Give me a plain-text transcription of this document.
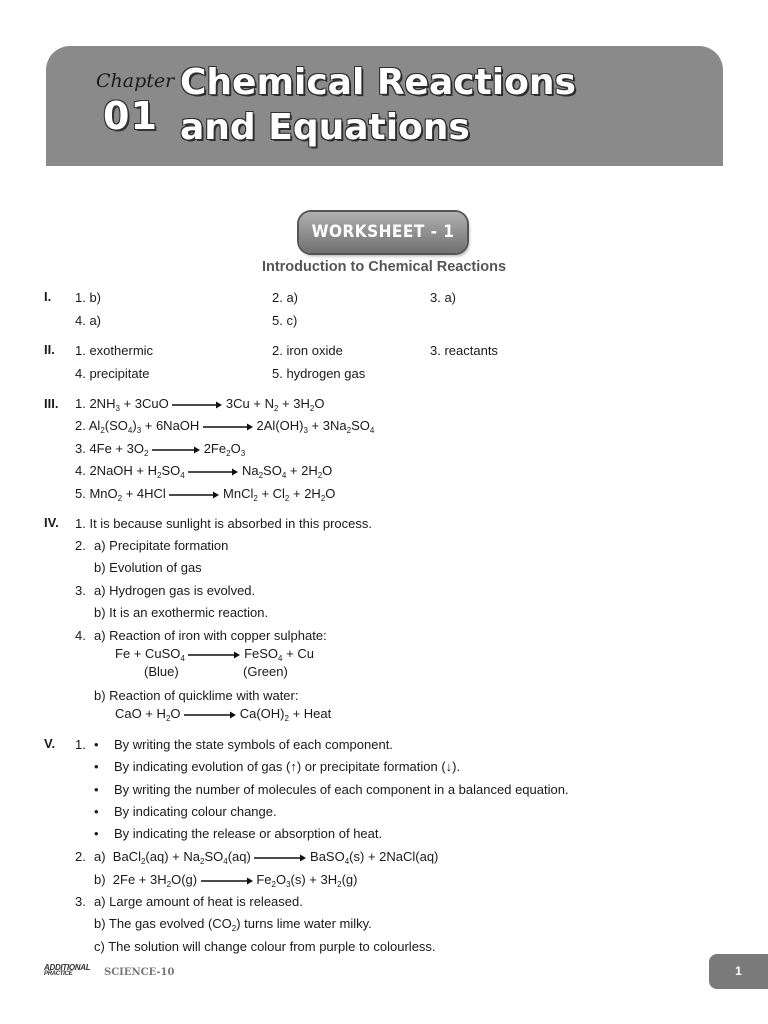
Chapter
01
Chemical Reactions
and Equations
WORKSHEET - 1
Introduction to Chemical Reactions
I. 1. b)	2. a)	3. a)
4. a)	5. c)
II. 1. exothermic	2. iron oxide	3. reactants
4. precipitate	5. hydrogen gas
III. 1. $2NH_3 + 3CuO \to 3Cu + N_2 + 3H_2O$
2. $Al_2(SO_4)_3$ + 6NaOH → $2Al(OH)_3 + 3Na_2SO_4$
3. $4Fe + 3O_2 \to 2Fe_2O_3$
4. 2NaOH + $H_2SO_4 \to Na_2SO_4 + 2H_2O$
5. MnO$_2$ + 4HCl → MnCl$_2$ + $Cl_2 + 2H_2O$
IV. 1. It is because sunlight is absorbed in this process.
2. a) Precipitate formation
b) Evolution of gas
3. a) Hydrogen gas is evolved.
b) It is an exothermic reaction.
4. a) Reaction of iron with copper sulphate:
Fe + CuSO$_4$ → FeSO$_4$ + Cu
(Blue)	(Green)
b) Reaction of quicklime with water:
CaO + $H_2O \to Ca(OH)_2$ + Heat
V. 1. • By writing the state symbols of each component.
• By indicating evolution of gas (↑) or precipitate formation (↓).
• By writing the number of molecules of each component in a balanced equation.
• By indicating colour change.
• By indicating the release or absorption of heat.
2. a)  BaCl$_2$(aq) + $Na_2SO_4(aq)$ → BaSO$_4$(s) + 2NaCl(aq)
b)  $2Fe + 3H_2O(g) \to Fe_2O_3(s) + 3H_2(g)$
3. a) Large amount of heat is released.
b) The gas evolved $(CO_2)$ turns lime water milky.
c) The solution will change colour from purple to colourless.
ADDITIONAL
PRACTICE	SCIENCE-10	1
